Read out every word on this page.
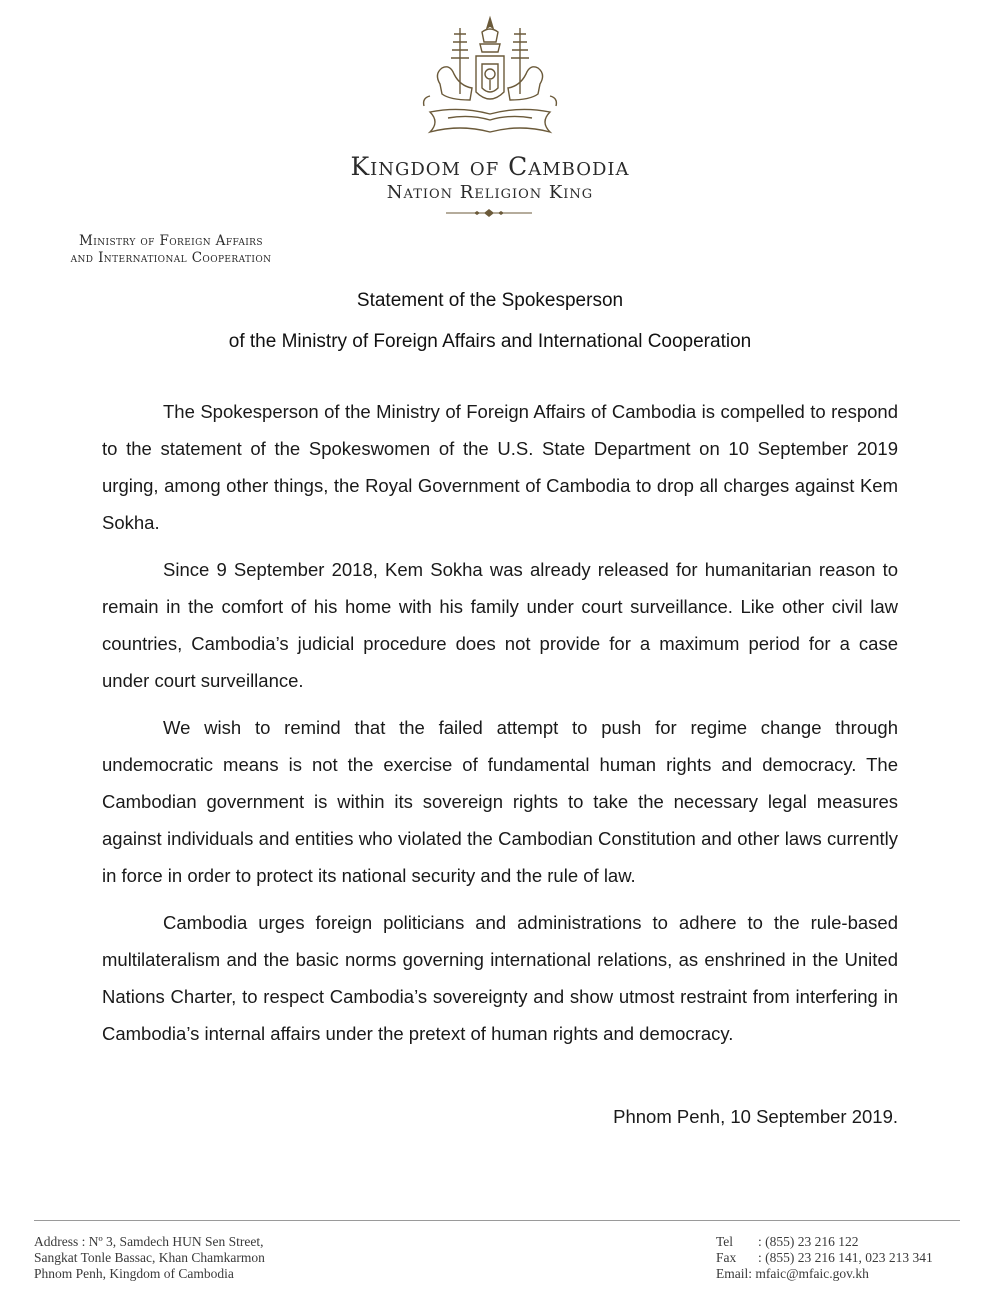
Kingdom of Cambodia
Nation Religion King
Ministry of Foreign Affairs
and International Cooperation
Statement of the Spokesperson
of the Ministry of Foreign Affairs and International Cooperation

The Spokesperson of the Ministry of Foreign Affairs of Cambodia is compelled to respond to the statement of the Spokeswomen of the U.S. State Department on 10 September 2019 urging, among other things, the Royal Government of Cambodia to drop all charges against Kem Sokha.

Since 9 September 2018, Kem Sokha was already released for humanitarian reason to remain in the comfort of his home with his family under court surveillance. Like other civil law countries, Cambodia’s judicial procedure does not provide for a maximum period for a case under court surveillance.

We wish to remind that the failed attempt to push for regime change through undemocratic means is not the exercise of fundamental human rights and democracy. The Cambodian government is within its sovereign rights to take the necessary legal measures against individuals and entities who violated the Cambodian Constitution and other laws currently in force in order to protect its national security and the rule of law.

Cambodia urges foreign politicians and administrations to adhere to the rule-based multilateralism and the basic norms governing international relations, as enshrined in the United Nations Charter, to respect Cambodia’s sovereignty and show utmost restraint from interfering in Cambodia’s internal affairs under the pretext of human rights and democracy.

Phnom Penh, 10 September 2019.
Address : Nº 3, Samdech HUN Sen Street,
Sangkat Tonle Bassac, Khan Chamkarmon
Phnom Penh, Kingdom of Cambodia
Tel	: (855) 23 216 122
Fax	: (855) 23 216 141, 023 213 341
Email : mfaic@mfaic.gov.kh
